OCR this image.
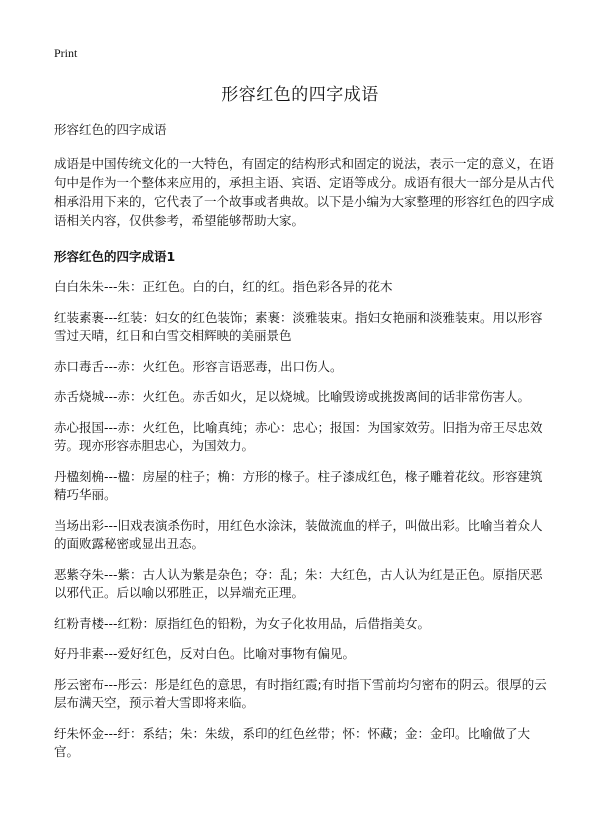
Print
形容红色的四字成语

形容红色的四字成语

成语是中国传统文化的一大特色，有固定的结构形式和固定的说法，表示一定的意义，在语句中是作为一个整体来应用的，承担主语、宾语、定语等成分。成语有很大一部分是从古代相承沿用下来的，它代表了一个故事或者典故。以下是小编为大家整理的形容红色的四字成语相关内容，仅供参考，希望能够帮助大家。

形容红色的四字成语1

白白朱朱---朱：正红色。白的白，红的红。指色彩各异的花木

红装素裹---红装：妇女的红色装饰；素裹：淡雅装束。指妇女艳丽和淡雅装束。用以形容雪过天晴，红日和白雪交相辉映的美丽景色

赤口毒舌---赤：火红色。形容言语恶毒，出口伤人。

赤舌烧城---赤：火红色。赤舌如火，足以烧城。比喻毁谤或挑拨离间的话非常伤害人。

赤心报国---赤：火红色，比喻真纯；赤心：忠心；报国：为国家效劳。旧指为帝王尽忠效劳。现亦形容赤胆忠心，为国效力。

丹楹刻桷---楹：房屋的柱子；桷：方形的椽子。柱子漆成红色，椽子雕着花纹。形容建筑精巧华丽。

当场出彩---旧戏表演杀伤时，用红色水涂沫，装做流血的样子，叫做出彩。比喻当着众人的面败露秘密或显出丑态。

恶紫夺朱---紫：古人认为紫是杂色；夺：乱；朱：大红色，古人认为红是正色。原指厌恶以邪代正。后以喻以邪胜正，以异端充正理。

红粉青楼---红粉：原指红色的铅粉，为女子化妆用品，后借指美女。

好丹非素---爱好红色，反对白色。比喻对事物有偏见。

彤云密布---彤云：彤是红色的意思，有时指红霞;有时指下雪前均匀密布的阴云。很厚的云层布满天空，预示着大雪即将来临。

纡朱怀金---纡：系结；朱：朱绂，系印的红色丝带；怀：怀藏；金：金印。比喻做了大官。
